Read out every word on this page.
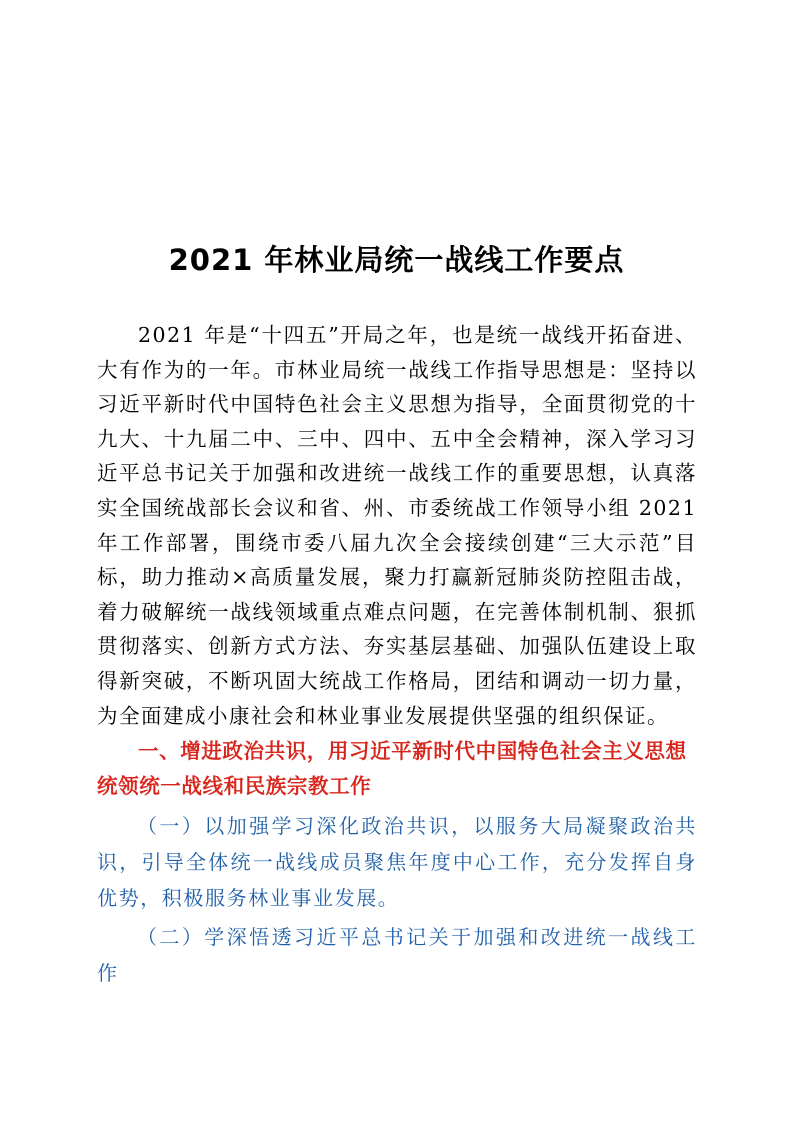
2021 年林业局统一战线工作要点

2021 年是“十四五”开局之年，也是统一战线开拓奋进、大有作为的一年。市林业局统一战线工作指导思想是：坚持以习近平新时代中国特色社会主义思想为指导，全面贯彻党的十九大、十九届二中、三中、四中、五中全会精神，深入学习习近平总书记关于加强和改进统一战线工作的重要思想，认真落实全国统战部长会议和省、州、市委统战工作领导小组 2021 年工作部署，围绕市委八届九次全会接续创建“三大示范”目标，助力推动×高质量发展，聚力打赢新冠肺炎防控阻击战，着力破解统一战线领域重点难点问题，在完善体制机制、狠抓贯彻落实、创新方式方法、夯实基层基础、加强队伍建设上取得新突破，不断巩固大统战工作格局，团结和调动一切力量，为全面建成小康社会和林业事业发展提供坚强的组织保证。

一、增进政治共识，用习近平新时代中国特色社会主义思想统领统一战线和民族宗教工作

（一）以加强学习深化政治共识，以服务大局凝聚政治共识，引导全体统一战线成员聚焦年度中心工作，充分发挥自身优势，积极服务林业事业发展。

（二）学深悟透习近平总书记关于加强和改进统一战线工作
